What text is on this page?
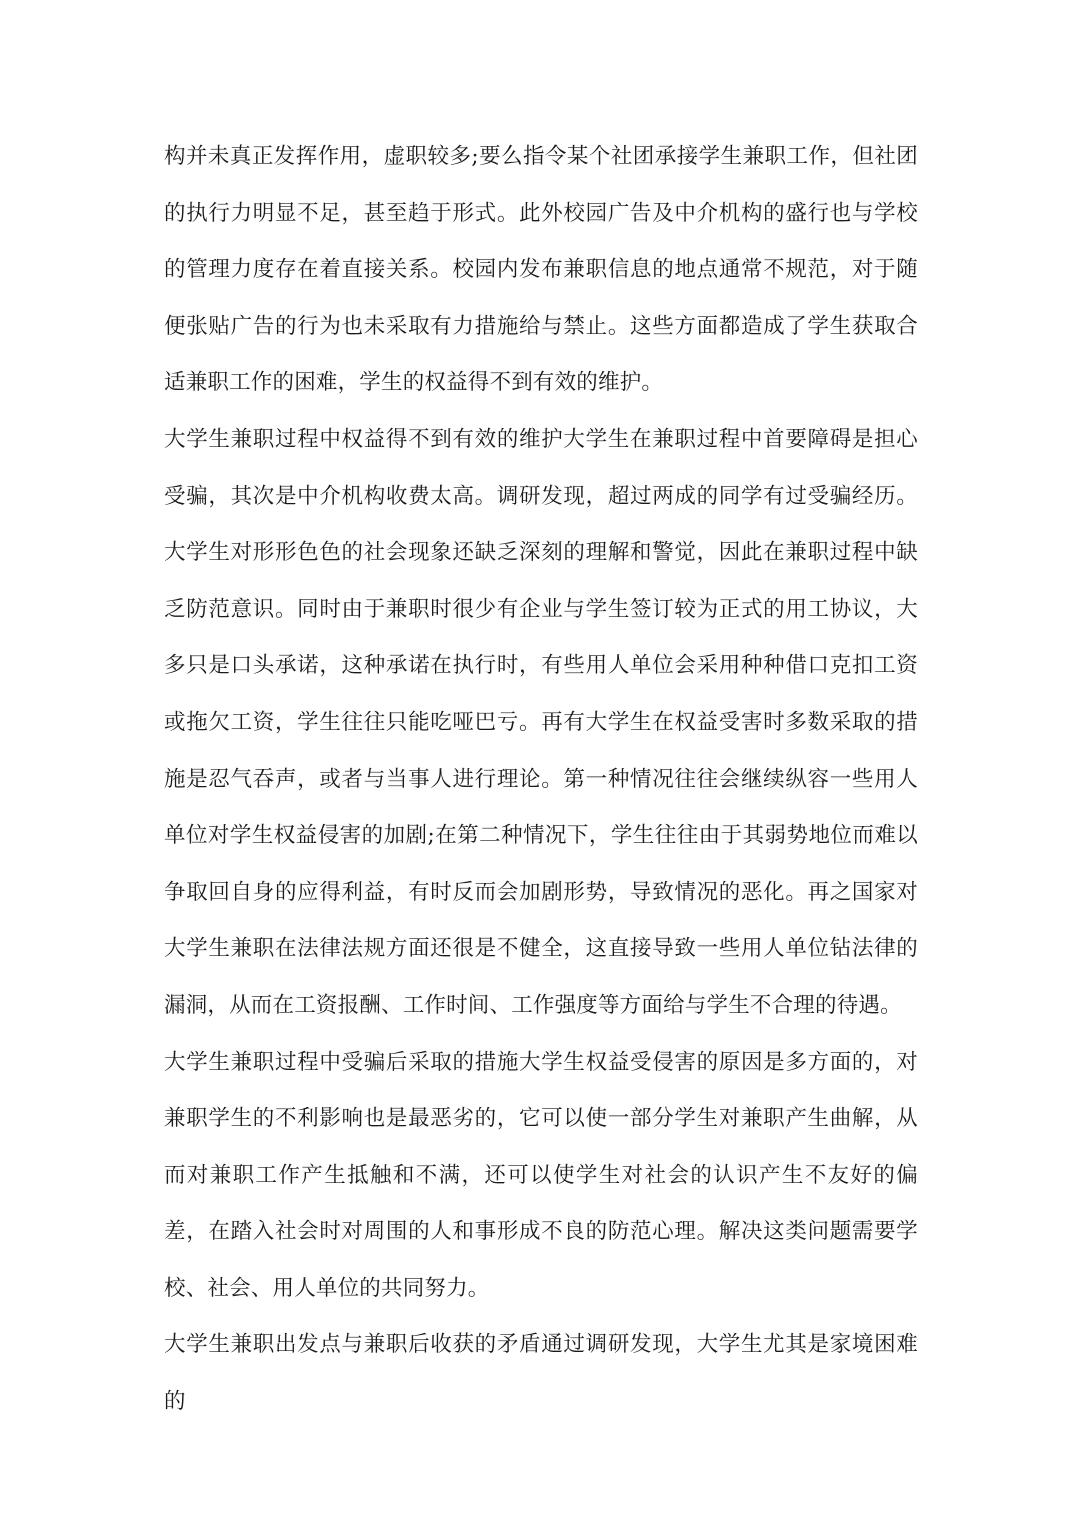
构并未真正发挥作用，虚职较多;要么指令某个社团承接学生兼职工作，但社团的执行力明显不足，甚至趋于形式。此外校园广告及中介机构的盛行也与学校的管理力度存在着直接关系。校园内发布兼职信息的地点通常不规范，对于随便张贴广告的行为也未采取有力措施给与禁止。这些方面都造成了学生获取合适兼职工作的困难，学生的权益得不到有效的维护。

大学生兼职过程中权益得不到有效的维护大学生在兼职过程中首要障碍是担心受骗，其次是中介机构收费太高。调研发现，超过两成的同学有过受骗经历。大学生对形形色色的社会现象还缺乏深刻的理解和警觉，因此在兼职过程中缺乏防范意识。同时由于兼职时很少有企业与学生签订较为正式的用工协议，大多只是口头承诺，这种承诺在执行时，有些用人单位会采用种种借口克扣工资或拖欠工资，学生往往只能吃哑巴亏。再有大学生在权益受害时多数采取的措施是忍气吞声，或者与当事人进行理论。第一种情况往往会继续纵容一些用人单位对学生权益侵害的加剧;在第二种情况下，学生往往由于其弱势地位而难以争取回自身的应得利益，有时反而会加剧形势，导致情况的恶化。再之国家对大学生兼职在法律法规方面还很是不健全，这直接导致一些用人单位钻法律的漏洞，从而在工资报酬、工作时间、工作强度等方面给与学生不合理的待遇。

大学生兼职过程中受骗后采取的措施大学生权益受侵害的原因是多方面的，对兼职学生的不利影响也是最恶劣的，它可以使一部分学生对兼职产生曲解，从而对兼职工作产生抵触和不满，还可以使学生对社会的认识产生不友好的偏差，在踏入社会时对周围的人和事形成不良的防范心理。解决这类问题需要学校、社会、用人单位的共同努力。

大学生兼职出发点与兼职后收获的矛盾通过调研发现，大学生尤其是家境困难的
